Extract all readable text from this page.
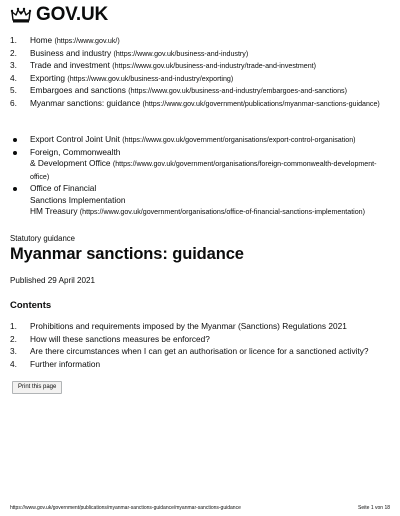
GOV.UK
1.	Home (https://www.gov.uk/)
2.	Business and industry (https://www.gov.uk/business-and-industry)
3.	Trade and investment (https://www.gov.uk/business-and-industry/trade-and-investment)
4.	Exporting (https://www.gov.uk/business-and-industry/exporting)
5.	Embargoes and sanctions (https://www.gov.uk/business-and-industry/embargoes-and-sanctions)
6.	Myanmar sanctions: guidance (https://www.gov.uk/government/publications/myanmar-sanctions-guidance)
Export Control Joint Unit (https://www.gov.uk/government/organisations/export-control-organisation)
Foreign, Commonwealth
& Development Office (https://www.gov.uk/government/organisations/foreign-commonwealth-development-office)
Office of Financial
Sanctions Implementation
HM Treasury (https://www.gov.uk/government/organisations/office-of-financial-sanctions-implementation)
Statutory guidance
Myanmar sanctions: guidance
Published 29 April 2021
Contents
1.	Prohibitions and requirements imposed by the Myanmar (Sanctions) Regulations 2021
2.	How will these sanctions measures be enforced?
3.	Are there circumstances when I can get an authorisation or licence for a sanctioned activity?
4.	Further information
Print this page
https://www.gov.uk/government/publications/myanmar-sanctions-guidance/myanmar-sanctions-guidance	Seite 1 von 18
